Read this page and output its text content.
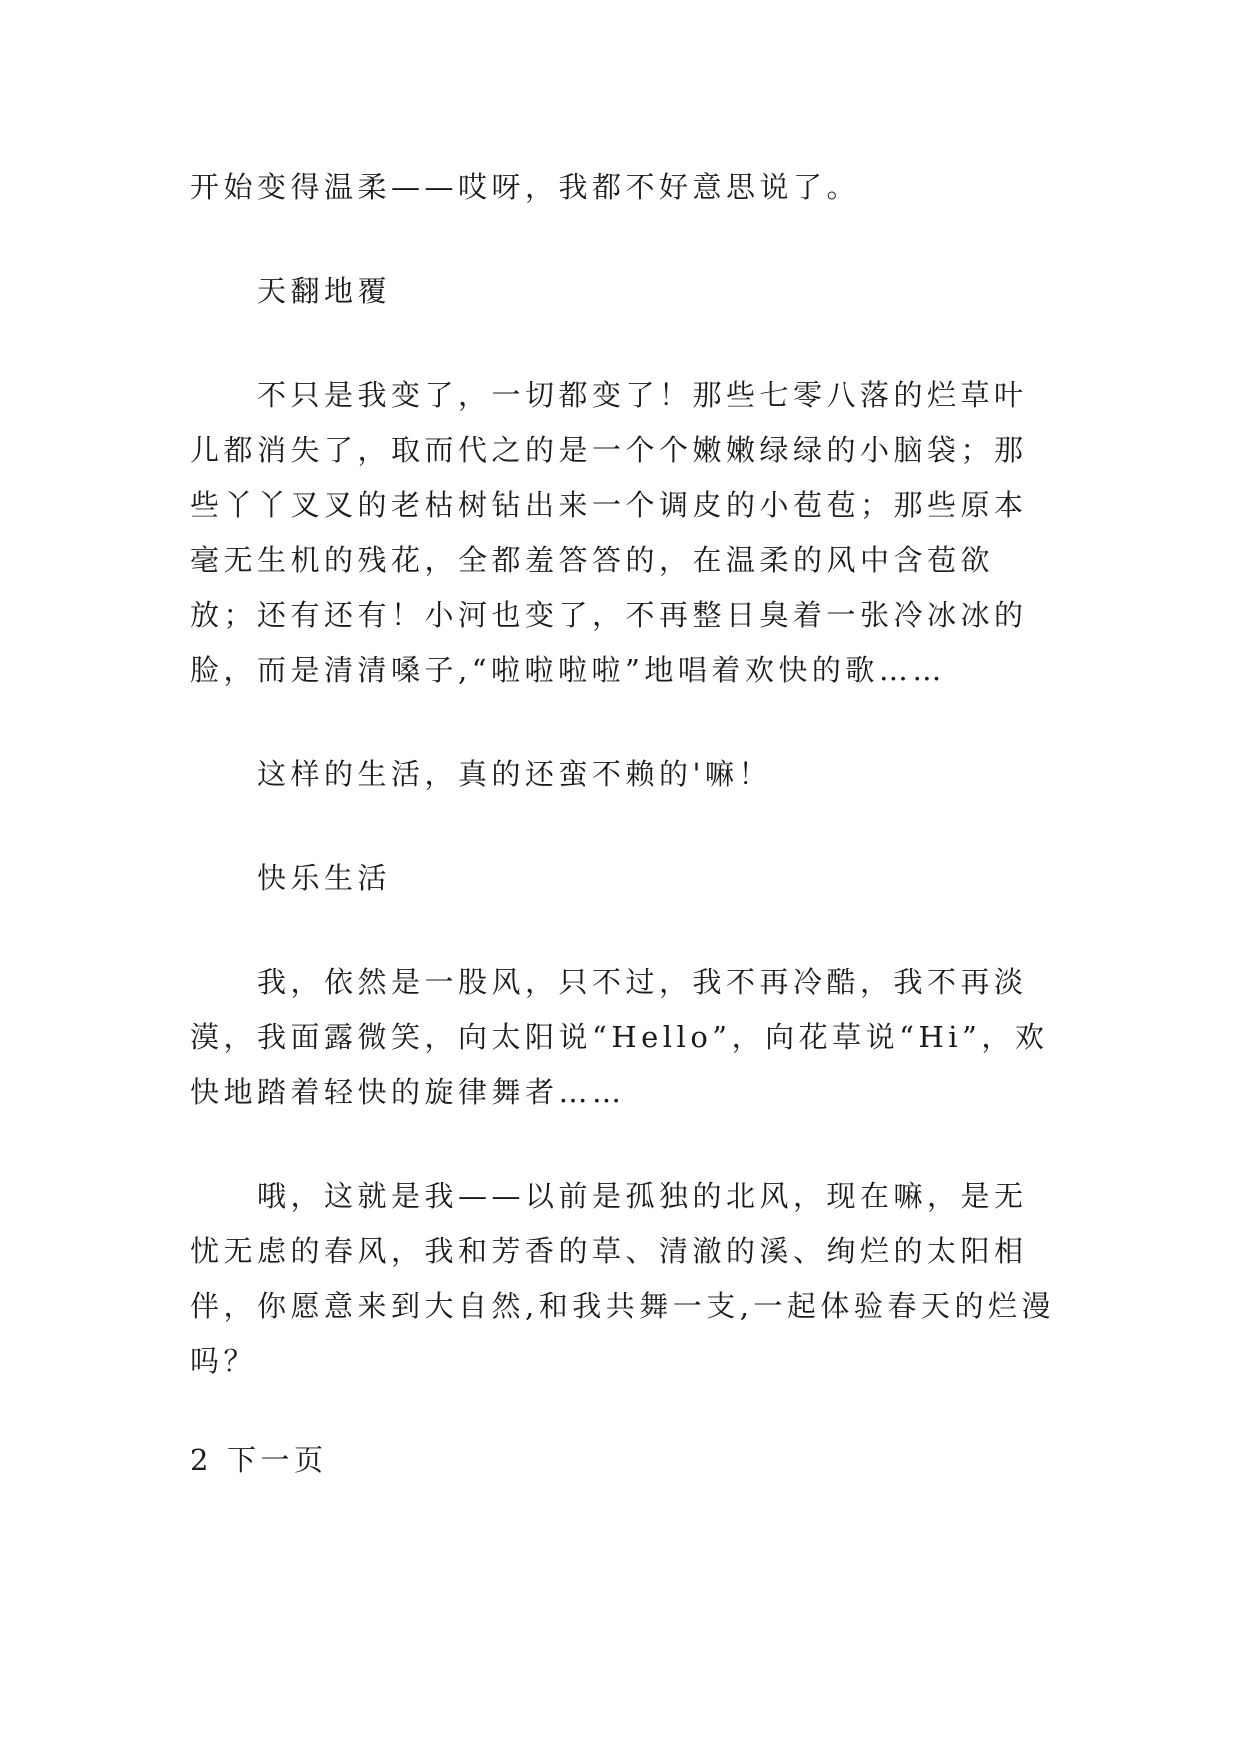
开始变得温柔——哎呀，我都不好意思说了。

天翻地覆

不只是我变了，一切都变了！那些七零八落的烂草叶儿都消失了，取而代之的是一个个嫩嫩绿绿的小脑袋；那些丫丫叉叉的老枯树钻出来一个调皮的小苞苞；那些原本毫无生机的残花，全都羞答答的，在温柔的风中含苞欲放；还有还有！小河也变了，不再整日臭着一张冷冰冰的脸，而是清清嗓子,“啦啦啦啦”地唱着欢快的歌……

这样的生活，真的还蛮不赖的'嘛！

快乐生活

我，依然是一股风，只不过，我不再冷酷，我不再淡漠，我面露微笑，向太阳说“Hello”，向花草说“Hi”，欢快地踏着轻快的旋律舞者……

哦，这就是我——以前是孤独的北风，现在嘛，是无忧无虑的春风，我和芳香的草、清澈的溪、绚烂的太阳相伴，你愿意来到大自然,和我共舞一支,一起体验春天的烂漫吗？

2 下一页
